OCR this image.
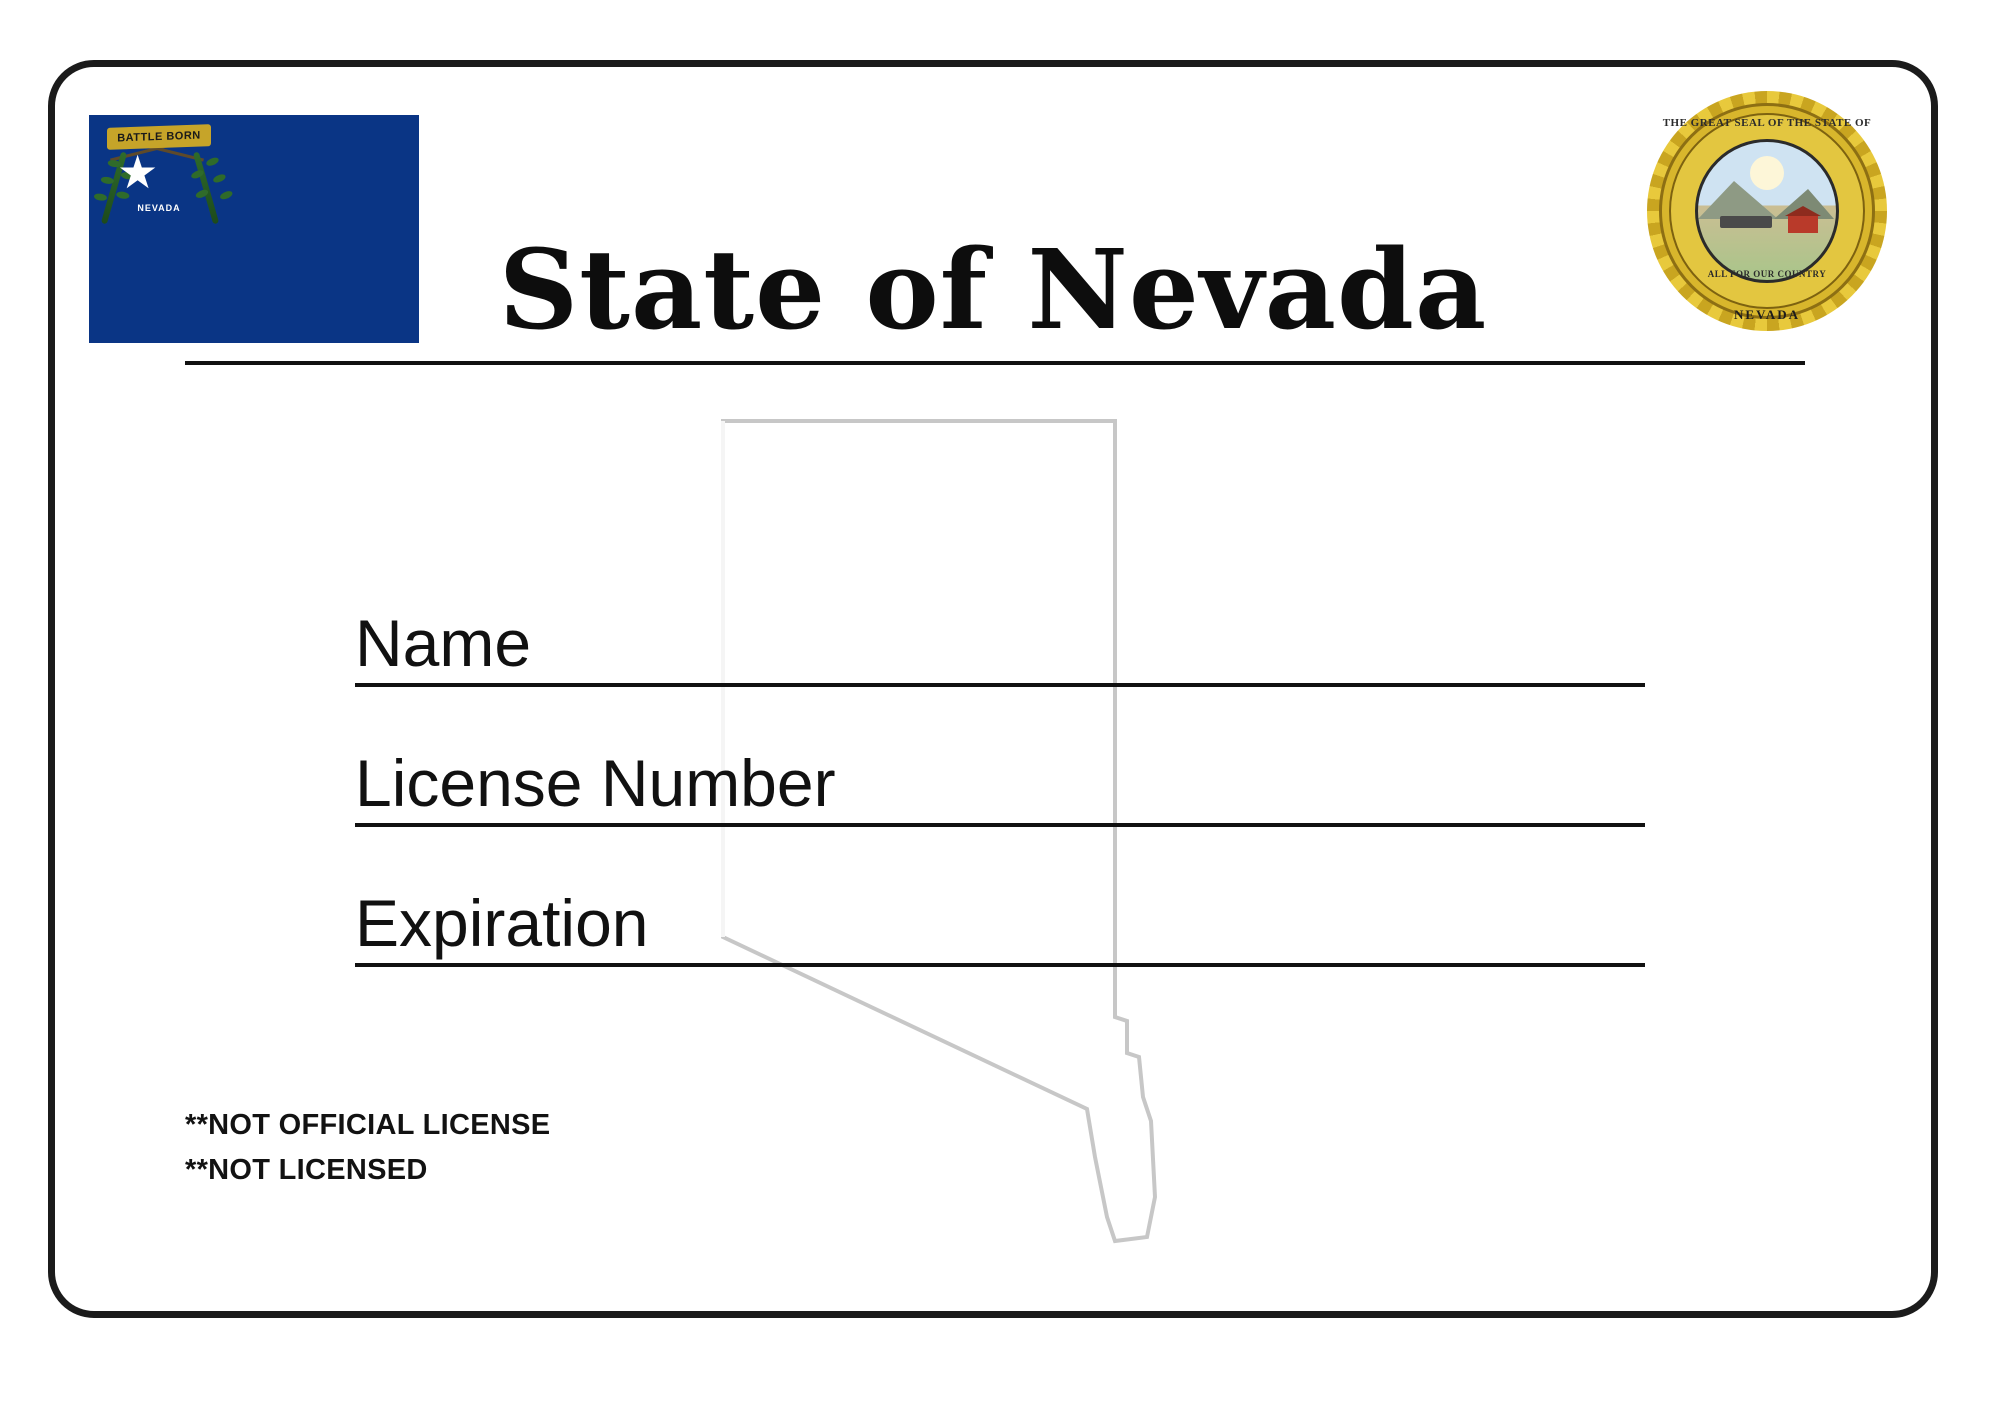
BATTLE BORN
NEVADA
THE GREAT SEAL OF THE STATE OF
ALL FOR OUR COUNTRY
NEVADA
State of Nevada
Name
License Number
Expiration
**NOT OFFICIAL LICENSE
**NOT LICENSED
